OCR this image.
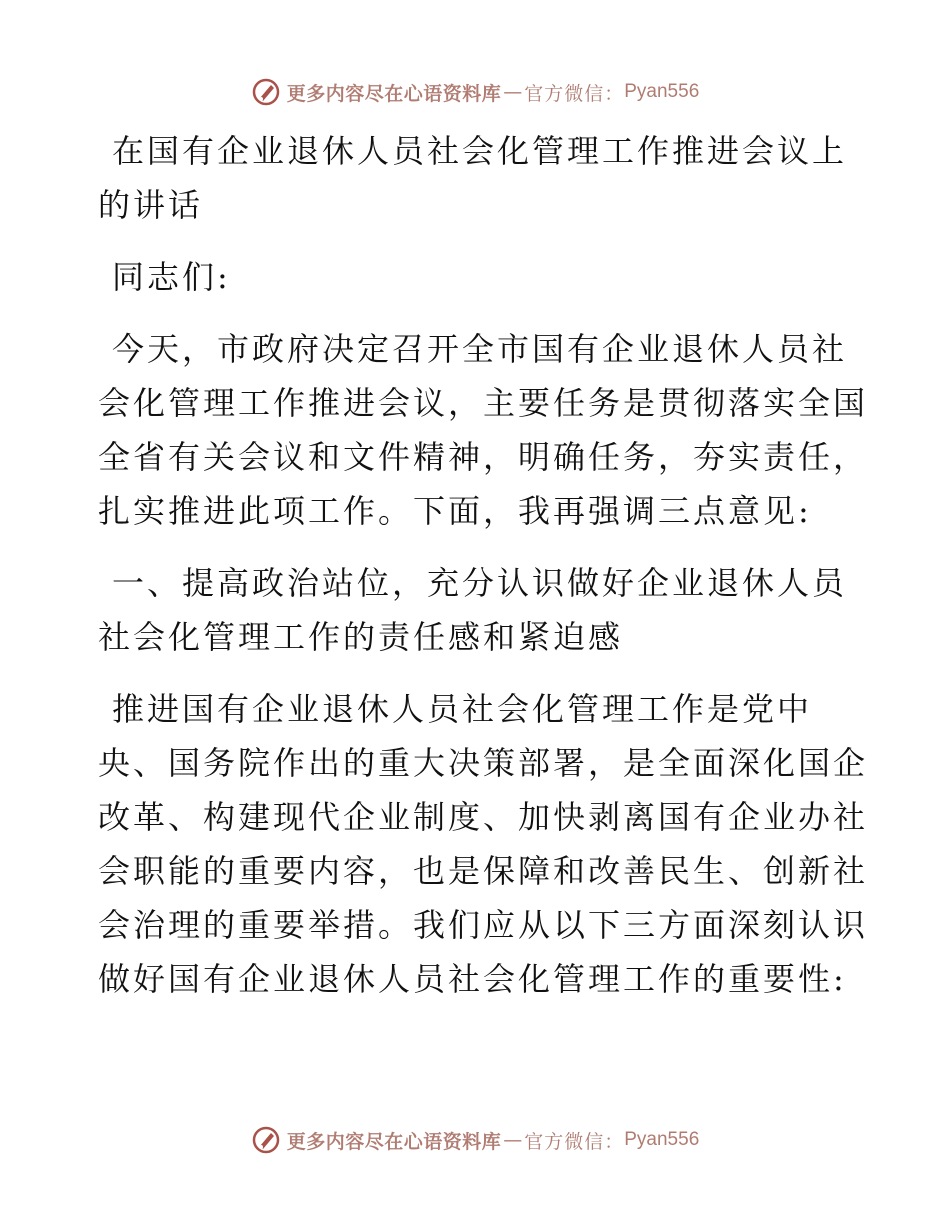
更多内容尽在心语资料库 — 官方微信： Pyan556
在国有企业退休人员社会化管理工作推进会议上
的讲话
同志们:
今天，市政府决定召开全市国有企业退休人员社
会化管理工作推进会议，主要任务是贯彻落实全国
全省有关会议和文件精神，明确任务，夯实责任，
扎实推进此项工作。下面，我再强调三点意见:
一、提高政治站位，充分认识做好企业退休人员
社会化管理工作的责任感和紧迫感
推进国有企业退休人员社会化管理工作是党中
央、国务院作出的重大决策部署，是全面深化国企
改革、构建现代企业制度、加快剥离国有企业办社
会职能的重要内容，也是保障和改善民生、创新社
会治理的重要举措。我们应从以下三方面深刻认识
做好国有企业退休人员社会化管理工作的重要性:
更多内容尽在心语资料库 — 官方微信： Pyan556
